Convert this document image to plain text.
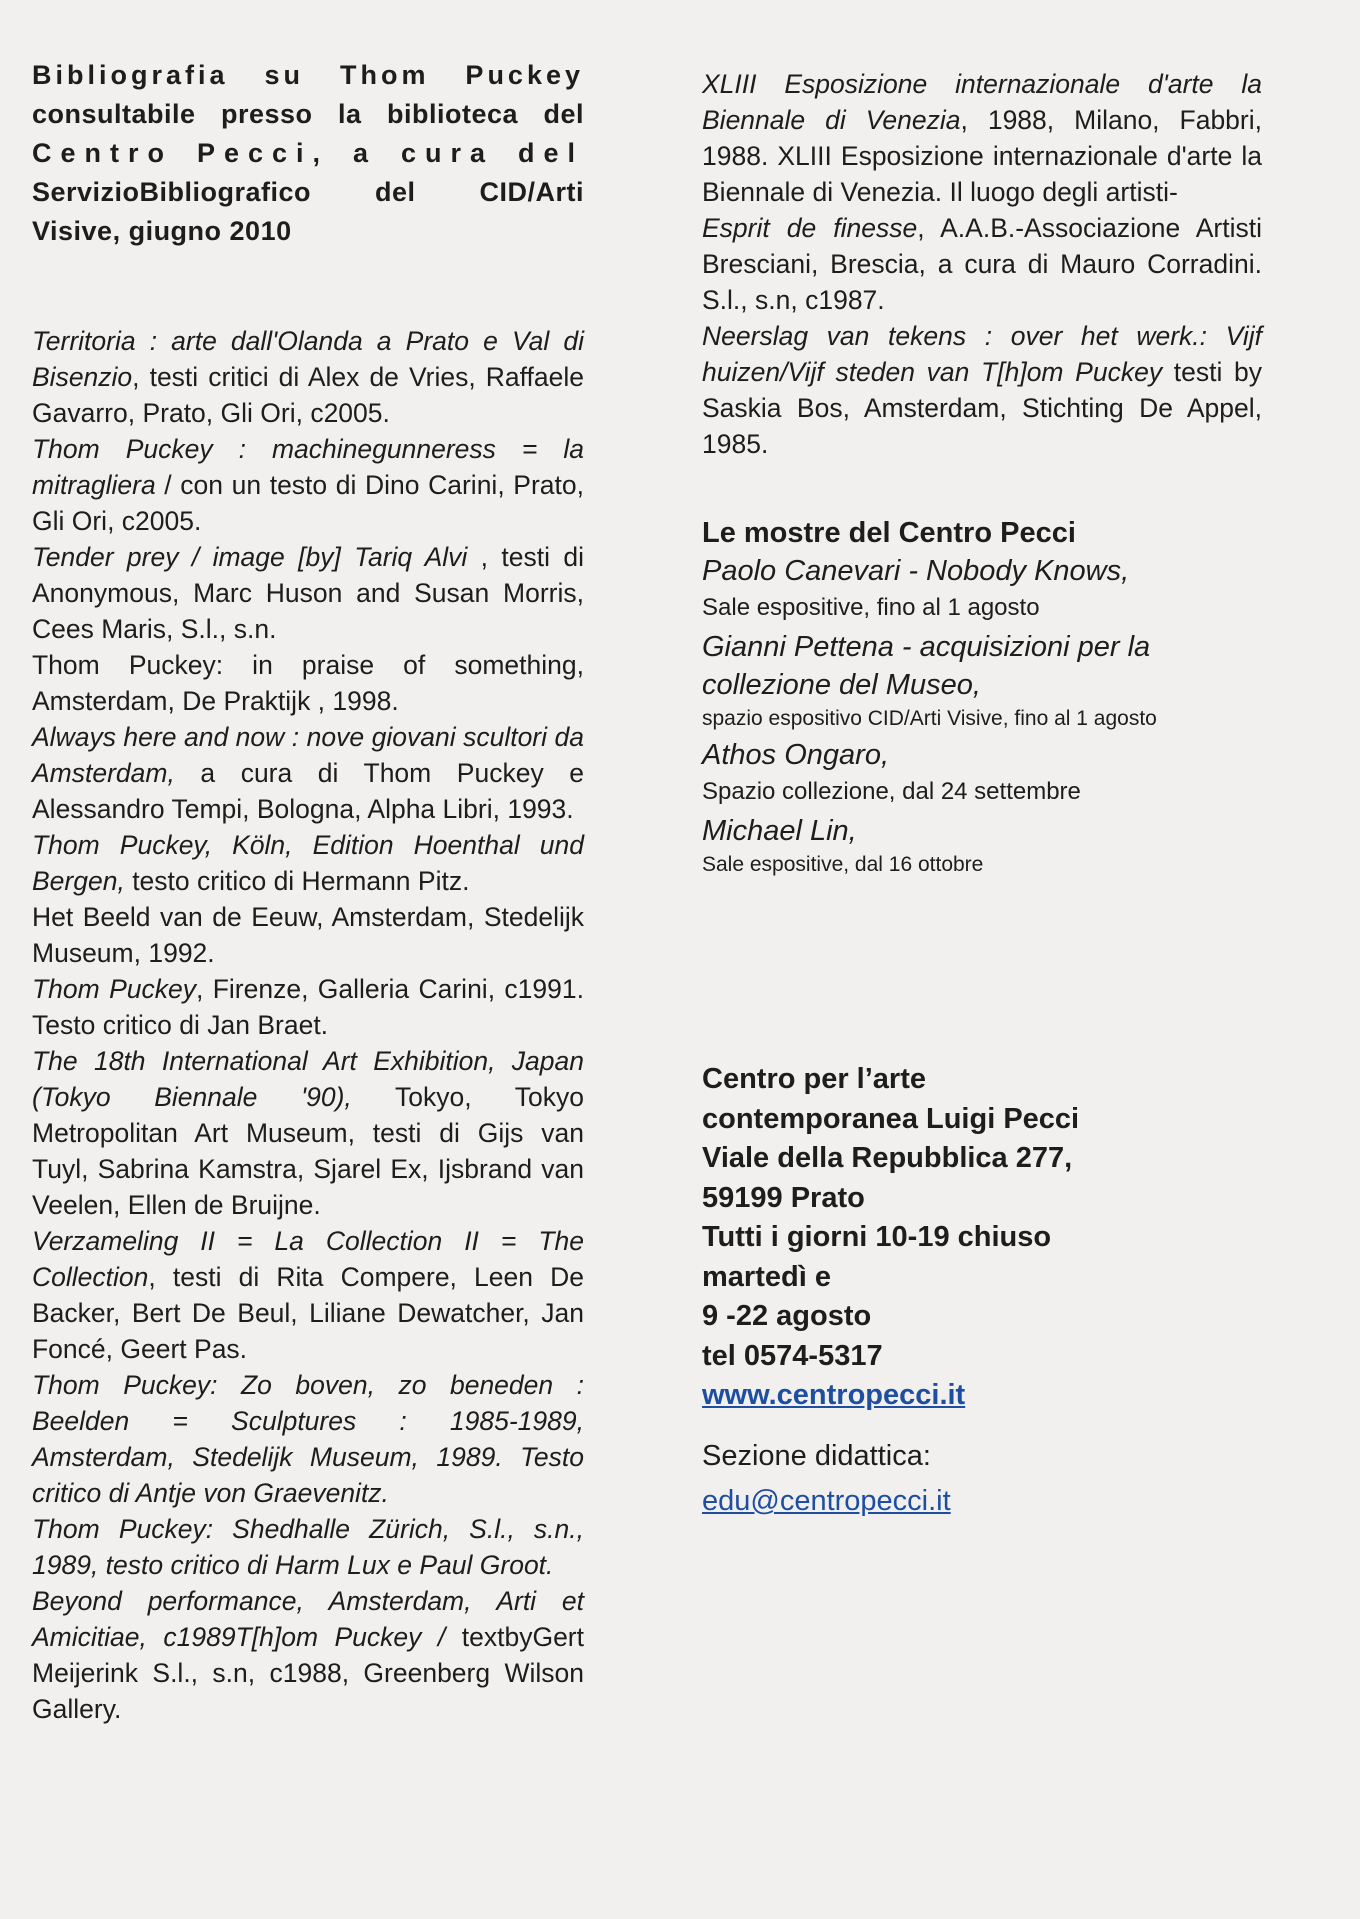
Bibliografia su Thom Puckey
consultabile presso la biblioteca del
Centro Pecci, a cura del
ServizioBibliografico del CID/Arti
Visive, giugno 2010

Territoria : arte dall'Olanda a Prato e Val di Bisenzio, testi critici di Alex de Vries, Raffaele Gavarro, Prato, Gli Ori, c2005.

Thom Puckey : machinegunneress = la mitragliera / con un testo di Dino Carini, Prato, Gli Ori, c2005.

Tender prey / image [by] Tariq Alvi , testi di Anonymous, Marc Huson and Susan Morris, Cees Maris, S.l., s.n.

Thom Puckey: in praise of something, Amsterdam, De Praktijk , 1998.

Always here and now : nove giovani scultori da Amsterdam, a cura di Thom Puckey e Alessandro Tempi, Bologna, Alpha Libri, 1993.

Thom Puckey, Köln, Edition Hoenthal und Bergen, testo critico di Hermann Pitz.

Het Beeld van de Eeuw, Amsterdam, Stedelijk Museum, 1992.

Thom Puckey, Firenze, Galleria Carini, c1991. Testo critico di Jan Braet.

The 18th International Art Exhibition, Japan (Tokyo Biennale '90), Tokyo, Tokyo Metropolitan Art Museum, testi di Gijs van Tuyl, Sabrina Kamstra, Sjarel Ex, Ijsbrand van Veelen, Ellen de Bruijne.

Verzameling II = La Collection II = The Collection, testi di Rita Compere, Leen De Backer, Bert De Beul, Liliane Dewatcher, Jan Foncé, Geert Pas.

Thom Puckey: Zo boven, zo beneden : Beelden = Sculptures : 1985-1989, Amsterdam, Stedelijk Museum, 1989. Testo critico di Antje von Graevenitz.

Thom Puckey: Shedhalle Zürich, S.l., s.n., 1989, testo critico di Harm Lux e Paul Groot.

Beyond performance, Amsterdam, Arti et Amicitiae, c1989T[h]om Puckey / textbyGert Meijerink S.l., s.n, c1988, Greenberg Wilson Gallery.

XLIII Esposizione internazionale d'arte la Biennale di Venezia, 1988, Milano, Fabbri, 1988. XLIII Esposizione internazionale d'arte la Biennale di Venezia. Il luogo degli artisti-

Esprit de finesse, A.A.B.-Associazione Artisti Bresciani, Brescia, a cura di Mauro Corradini. S.l., s.n, c1987.

Neerslag van tekens : over het werk.: Vijf huizen/Vijf steden van T[h]om Puckey testi by Saskia Bos, Amsterdam, Stichting De Appel, 1985.

Le mostre del Centro Pecci

Paolo Canevari - Nobody Knows,

Sale espositive, fino al 1 agosto

Gianni Pettena - acquisizioni per la collezione del Museo,

spazio espositivo CID/Arti Visive, fino al 1 agosto

Athos Ongaro,

Spazio collezione, dal 24 settembre

Michael Lin,

Sale espositive, dal 16 ottobre

Centro per l’arte

contemporanea Luigi Pecci

Viale della Repubblica 277,

59199 Prato

Tutti i giorni 10-19 chiuso

martedì e

9 -22 agosto

tel 0574-5317

www.centropecci.it

Sezione didattica:

edu@centropecci.it
